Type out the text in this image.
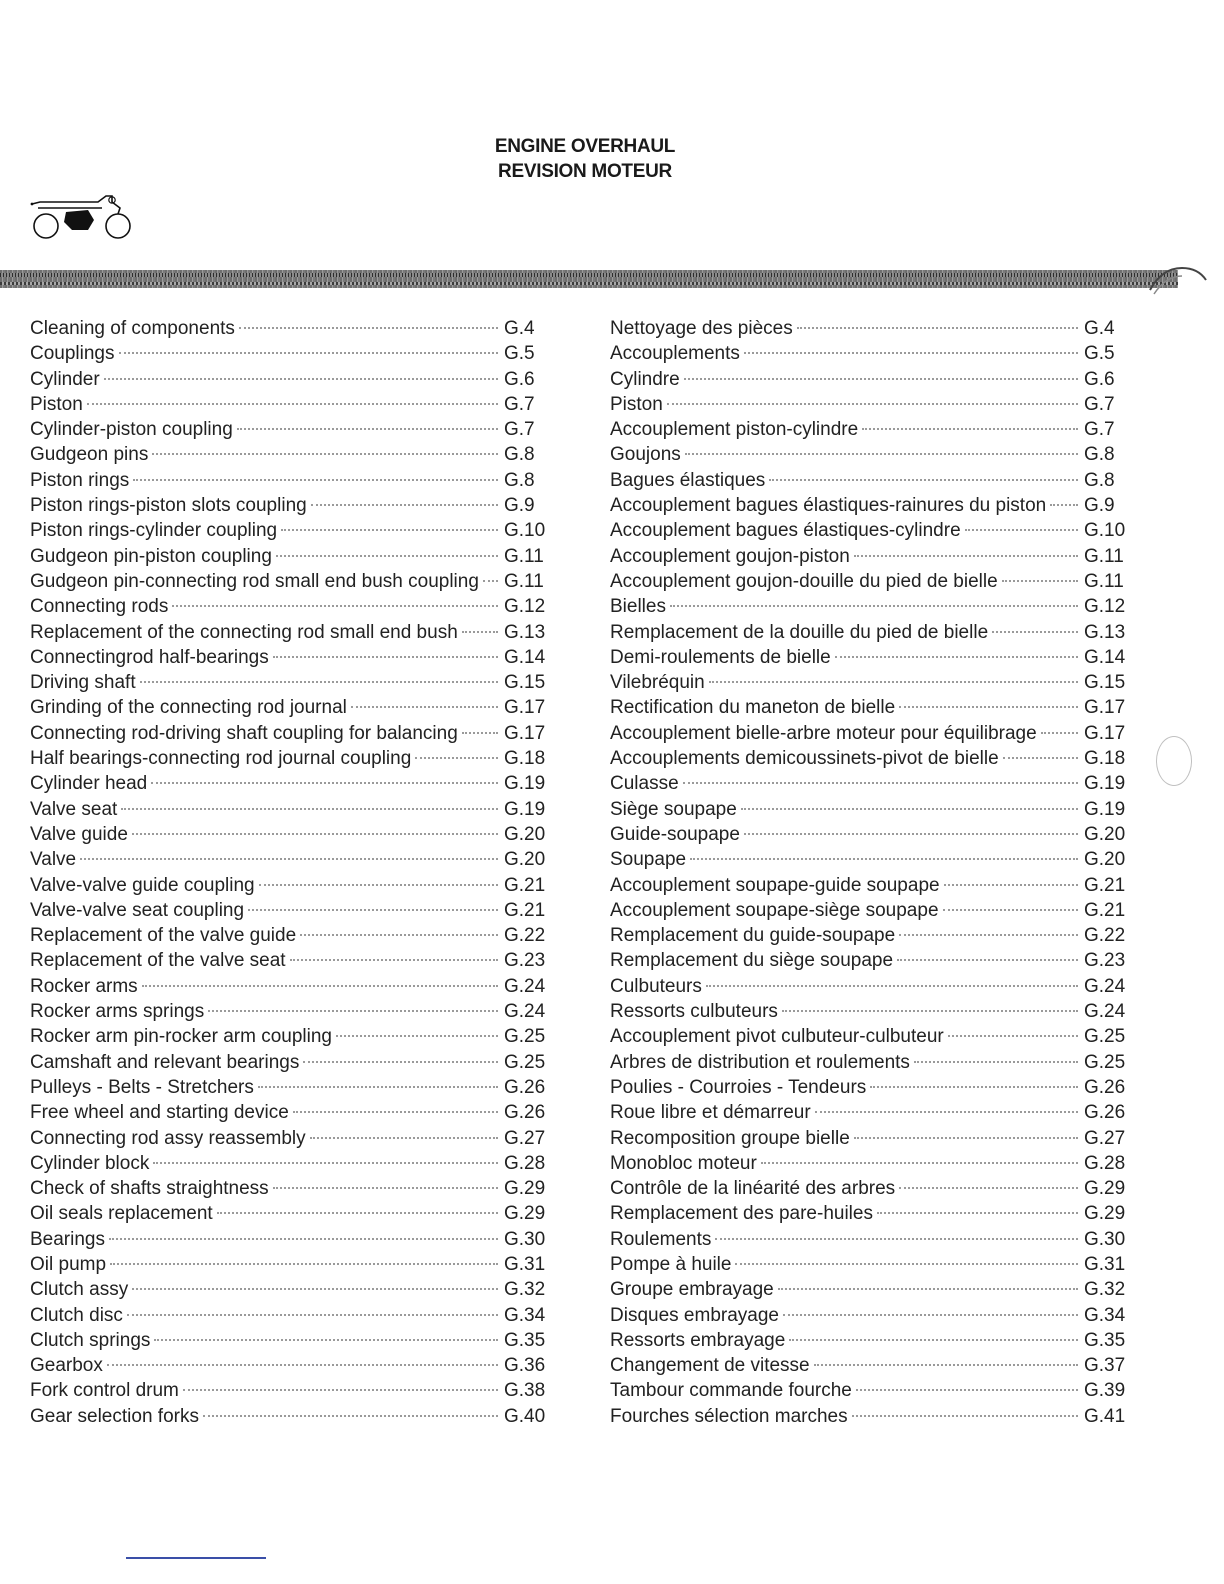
ENGINE OVERHAUL
REVISION MOTEUR
Cleaning of components	G.4
Couplings	G.5
Cylinder	G.6
Piston	G.7
Cylinder-piston coupling	G.7
Gudgeon pins	G.8
Piston rings	G.8
Piston rings-piston slots coupling	G.9
Piston rings-cylinder coupling	G.10
Gudgeon pin-piston coupling	G.11
Gudgeon pin-connecting rod small end bush coupling G.11
Connecting rods	G.12
Replacement of the connecting rod small end bush G.13
Connectingrod half-bearings	G.14
Driving shaft	G.15
Grinding of the connecting rod journal	G.17
Connecting rod-driving shaft coupling for balancing G.17
Half bearings-connecting rod journal coupling	G.18
Cylinder head	G.19
Valve seat	G.19
Valve guide	G.20
Valve	G.20
Valve-valve guide coupling	G.21
Valve-valve seat coupling	G.21
Replacement of the valve guide	G.22
Replacement of the valve seat	G.23
Rocker arms	G.24
Rocker arms springs	G.24
Rocker arm pin-rocker arm coupling	G.25
Camshaft and relevant bearings	G.25
Pulleys - Belts - Stretchers	G.26
Free wheel and starting device	G.26
Connecting rod assy reassembly	G.27
Cylinder block	G.28
Check of shafts straightness	G.29
Oil seals replacement	G.29
Bearings	G.30
Oil pump	G.31
Clutch assy	G.32
Clutch disc	G.34
Clutch springs	G.35
Gearbox	G.36
Fork control drum	G.38
Gear selection forks	G.40
Nettoyage des pièces	G.4
Accouplements	G.5
Cylindre	G.6
Piston	G.7
Accouplement piston-cylindre	G.7
Goujons	G.8
Bagues élastiques	G.8
Accouplement bagues élastiques-rainures du piston G.9
Accouplement bagues élastiques-cylindre	G.10
Accouplement goujon-piston	G.11
Accouplement goujon-douille du pied de bielle	G.11
Bielles	G.12
Remplacement de la douille du pied de bielle	G.13
Demi-roulements de bielle	G.14
Vilebréquin	G.15
Rectification du maneton de bielle	G.17
Accouplement bielle-arbre moteur pour équilibrage G.17
Accouplements demicoussinets-pivot de bielle	G.18
Culasse	G.19
Siège soupape	G.19
Guide-soupape	G.20
Soupape	G.20
Accouplement soupape-guide soupape	G.21
Accouplement soupape-siège soupape	G.21
Remplacement du guide-soupape	G.22
Remplacement du siège soupape	G.23
Culbuteurs	G.24
Ressorts culbuteurs	G.24
Accouplement pivot culbuteur-culbuteur	G.25
Arbres de distribution et roulements	G.25
Poulies - Courroies - Tendeurs	G.26
Roue libre et démarreur	G.26
Recomposition groupe bielle	G.27
Monobloc moteur	G.28
Contrôle de la linéarité des arbres	G.29
Remplacement des pare-huiles	G.29
Roulements	G.30
Pompe à huile	G.31
Groupe embrayage	G.32
Disques embrayage	G.34
Ressorts embrayage	G.35
Changement de vitesse	G.37
Tambour commande fourche	G.39
Fourches sélection marches	G.41
